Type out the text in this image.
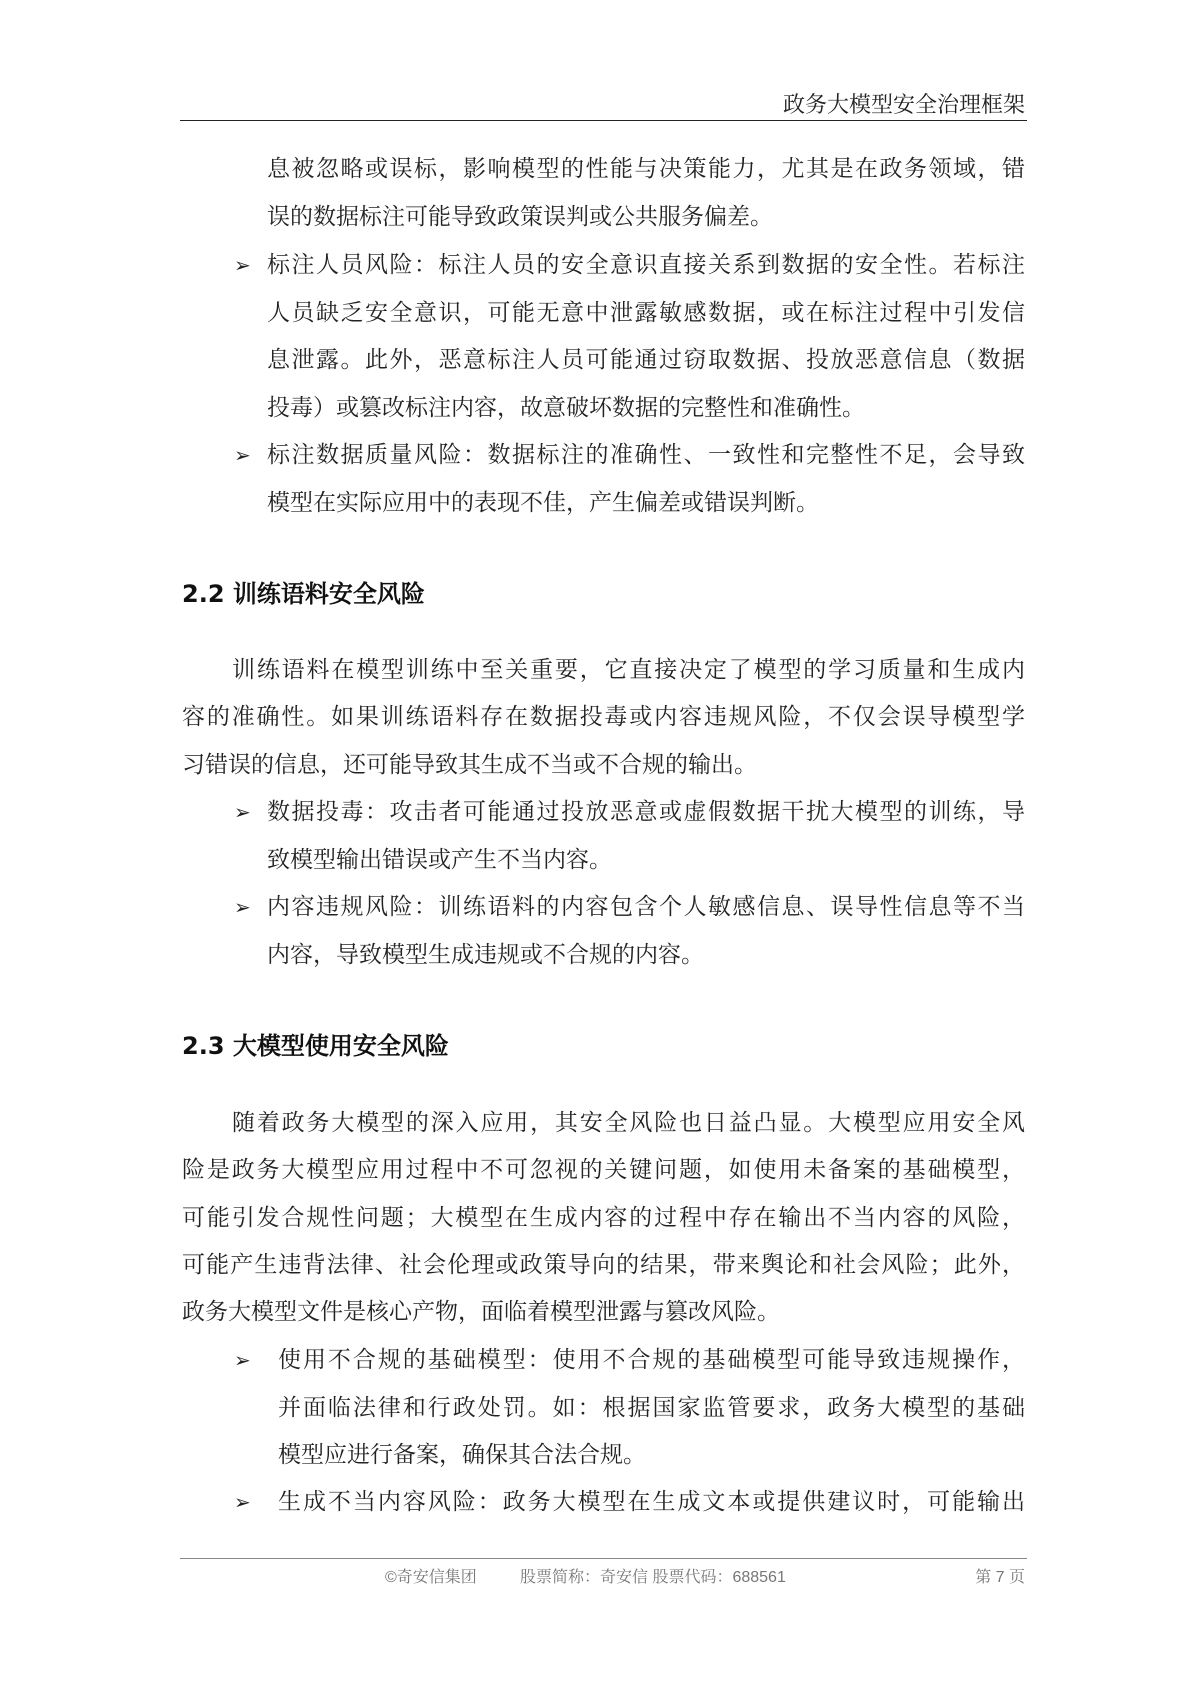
政务大模型安全治理框架
息被忽略或误标，影响模型的性能与决策能力，尤其是在政务领域，错
误的数据标注可能导致政策误判或公共服务偏差。
➢ 标注人员风险：标注人员的安全意识直接关系到数据的安全性。若标注
人员缺乏安全意识，可能无意中泄露敏感数据，或在标注过程中引发信
息泄露。此外，恶意标注人员可能通过窃取数据、投放恶意信息（数据
投毒）或篡改标注内容，故意破坏数据的完整性和准确性。
➢ 标注数据质量风险：数据标注的准确性、一致性和完整性不足，会导致
模型在实际应用中的表现不佳，产生偏差或错误判断。
2.2 训练语料安全风险
训练语料在模型训练中至关重要，它直接决定了模型的学习质量和生成内
容的准确性。如果训练语料存在数据投毒或内容违规风险，不仅会误导模型学
习错误的信息，还可能导致其生成不当或不合规的输出。
➢ 数据投毒：攻击者可能通过投放恶意或虚假数据干扰大模型的训练，导
致模型输出错误或产生不当内容。
➢ 内容违规风险：训练语料的内容包含个人敏感信息、误导性信息等不当
内容，导致模型生成违规或不合规的内容。
2.3 大模型使用安全风险
随着政务大模型的深入应用，其安全风险也日益凸显。大模型应用安全风
险是政务大模型应用过程中不可忽视的关键问题，如使用未备案的基础模型，
可能引发合规性问题；大模型在生成内容的过程中存在输出不当内容的风险，
可能产生违背法律、社会伦理或政策导向的结果，带来舆论和社会风险；此外，
政务大模型文件是核心产物，面临着模型泄露与篡改风险。
➢ 使用不合规的基础模型：使用不合规的基础模型可能导致违规操作，
并面临法律和行政处罚。如：根据国家监管要求，政务大模型的基础
模型应进行备案，确保其合法合规。
➢ 生成不当内容风险：政务大模型在生成文本或提供建议时，可能输出
©奇安信集团	股票简称：奇安信 股票代码：688561	第 7 页
